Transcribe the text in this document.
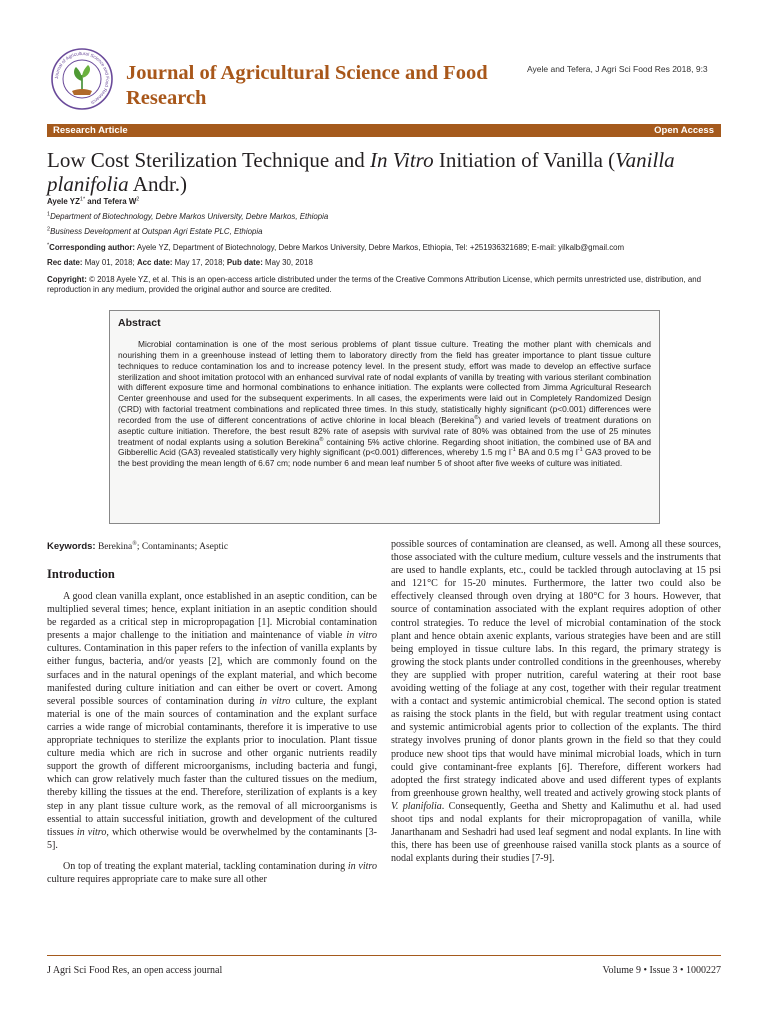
Journal of Agricultural Science and Food Research
Journal of Agricultural Science and Food Research
Ayele and Tefera, J Agri Sci Food Res 2018, 9:3
Research Article	Open Access
Low Cost Sterilization Technique and In Vitro Initiation of Vanilla (Vanilla planifolia Andr.)
Ayele $YZ^{1*}$ and Tefera $W^2$
$^1$Department of Biotechnology, Debre Markos University, Debre Markos, Ethiopia
$^2$Business Development at Outspan Agri Estate PLC, Ethiopia
*Corresponding author: Ayele YZ, Department of Biotechnology, Debre Markos University, Debre Markos, Ethiopia, Tel: +251936321689; E-mail: yilkalb@gmail.com
Rec date: May 01, 2018; Acc date: May 17, 2018; Pub date: May 30, 2018
Copyright: © 2018 Ayele YZ, et al. This is an open-access article distributed under the terms of the Creative Commons Attribution License, which permits unrestricted use, distribution, and reproduction in any medium, provided the original author and source are credited.
Abstract
Microbial contamination is one of the most serious problems of plant tissue culture. Treating the mother plant with chemicals and nourishing them in a greenhouse instead of letting them to laboratory directly from the field has greater importance to plant tissue culture techniques to reduce contamination los and to increase potency level. In the present study, effort was made to develop an effective surface sterilization and shoot imitation protocol with an enhanced survival rate of nodal explants of vanilla by treating with various sterilant combination with different exposure time and hormonal combinations to enhance initiation. The explants were collected from Jimma Agricultural Research Center greenhouse and used for the subsequent experiments. In all cases, the experiments were laid out in Completely Randomized Design (CRD) with factorial treatment combinations and replicated three times. In this study, statistically highly significant (p<0.001) differences were recorded from the use of different concentrations of active chlorine in local bleach (Berekina®) and varied levels of treatment durations on aseptic culture initiation. Therefore, the best result 82% rate of asepsis with survival rate of 80% was obtained from the use of 25 minutes treatment of nodal explants using a solution Berekina® containing 5% active chlorine. Regarding shoot initiation, the combined use of BA and Gibberellic Acid (GA3) revealed statistically very highly significant (p<0.001) differences, whereby 1.5 mg $l^{-1}$ BA and 0.5 mg $l^{-1}$ GA3 proved to be the best providing the mean length of 6.67 cm; node number 6 and mean leaf number 5 of shoot after five weeks of culture was initiated.
Keywords: Berekina®; Contaminants; Aseptic
Introduction

A good clean vanilla explant, once established in an aseptic condition, can be multiplied several times; hence, explant initiation in an aseptic condition should be regarded as a critical step in micropropagation [1]. Microbial contamination presents a major challenge to the initiation and maintenance of viable in vitro cultures. Contamination in this paper refers to the infection of vanilla explants by either fungus, bacteria, and/or yeasts [2], which are commonly found on the surfaces and in the natural openings of the explant material, and which become manifested during culture initiation and can either be overt or covert. Among several possible sources of contamination during in vitro culture, the explant material is one of the main sources of contamination and the explant surface carries a wide range of microbial contaminants, therefore it is imperative to use appropriate techniques to sterilize the explants prior to inoculation. Plant tissue culture media which are rich in sucrose and other organic nutrients readily support the growth of different microorganisms, including bacteria and fungi, which can grow relatively much faster than the cultured tissues on the medium, thereby killing the tissues at the end. Therefore, sterilization of explants is a key step in any plant tissue culture work, as the removal of all microorganisms is essential to attain successful initiation, growth and development of the cultured tissues in vitro, which otherwise would be overwhelmed by the contaminants [3-5].

On top of treating the explant material, tackling contamination during in vitro culture requires appropriate care to make sure all other

possible sources of contamination are cleansed, as well. Among all these sources, those associated with the culture medium, culture vessels and the instruments that are used to handle explants, etc., could be tackled through autoclaving at 15 psi and 121°C for 15-20 minutes. Furthermore, the latter two could also be effectively cleansed through oven drying at 180°C for 3 hours. However, that source of contamination associated with the explant requires adoption of other control strategies. To reduce the level of microbial contamination of the stock plant and hence obtain axenic explants, various strategies have been and are still being employed in tissue culture labs. In this regard, the primary strategy is growing the stock plants under controlled conditions in the greenhouses, whereby they are supplied with proper nutrition, careful watering at their root base avoiding wetting of the foliage at any cost, together with their regular treatment with a contact and systemic antimicrobial chemical. The second option is stated as raising the stock plants in the field, but with regular treatment using contact and systemic antimicrobial agents prior to collection of the explants. The third strategy involves pruning of donor plants grown in the field so that they could produce new shoot tips that would have minimal microbial loads, which in turn could give contaminant-free explants [6]. Therefore, different workers had adopted the first strategy indicated above and used different types of explants from greenhouse grown healthy, well treated and actively growing stock plants of V. planifolia. Consequently, Geetha and Shetty and Kalimuthu et al. had used shoot tips and nodal explants for their micropropagation of vanilla, while Janarthanam and Seshadri had used leaf segment and nodal explants. In line with this, there has been use of greenhouse raised vanilla stock plants as a source of nodal explants during their studies [7-9].

J Agri Sci Food Res, an open access journal	Volume 9 • Issue 3 • 1000227
